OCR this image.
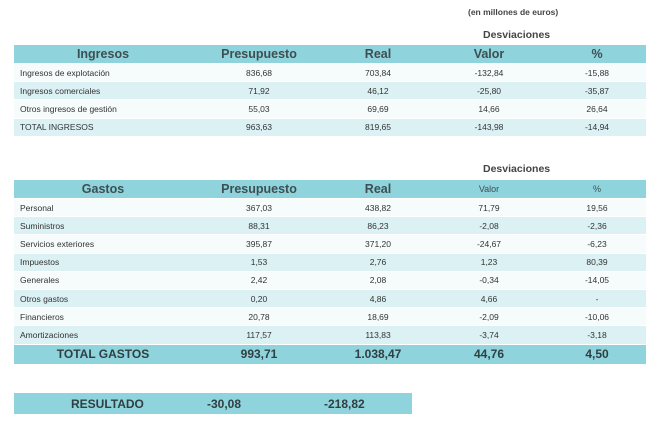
(en millones de euros)
Desviaciones
Ingresos	Presupuesto	Real	Valor	%
Ingresos de explotación	836,68	703,84	-132,84	-15,88
Ingresos comerciales	71,92	46,12	-25,80	-35,87
Otros ingresos de gestión	55,03	69,69	14,66	26,64
TOTAL INGRESOS	963,63	819,65	-143,98	-14,94
Desviaciones
Gastos	Presupuesto	Real	Valor	%
Personal	367,03	438,82	71,79	19,56
Suministros	88,31	86,23	-2,08	-2,36
Servicios exteriores	395,87	371,20	-24,67	-6,23
Impuestos	1,53	2,76	1,23	80,39
Generales	2,42	2,08	-0,34	-14,05
Otros gastos	0,20	4,86	4,66	-
Financieros	20,78	18,69	-2,09	-10,06
Amortizaciones	117,57	113,83	-3,74	-3,18
TOTAL GASTOS	993,71	1.038,47	44,76	4,50
RESULTADO	-30,08	-218,82
